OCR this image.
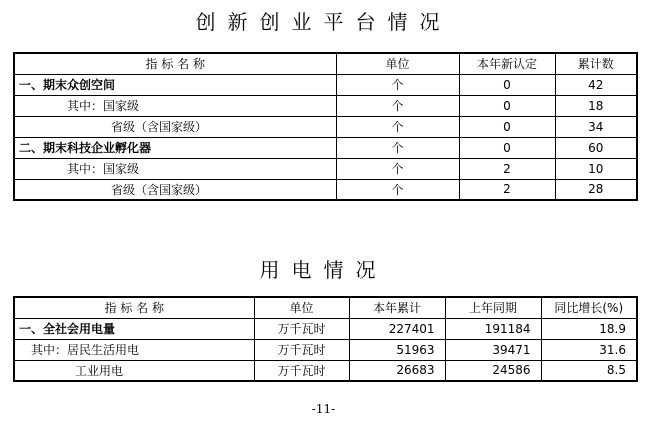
创新创业平台情况
指 标 名 称	单位	本年新认定	累计数
一、期末众创空间	个	0	42
其中：国家级	个	0	18
省级（含国家级）	个	0	34
二、期末科技企业孵化器	个	0	60
其中：国家级	个	2	10
省级（含国家级）	个	2	28
用电情况
指 标 名 称	单位	本年累计	上年同期	同比增长(%)
一、全社会用电量	万千瓦时	227401	191184	18.9
其中：居民生活用电	万千瓦时	51963	39471	31.6
工业用电	万千瓦时	26683	24586	8.5
-11-
